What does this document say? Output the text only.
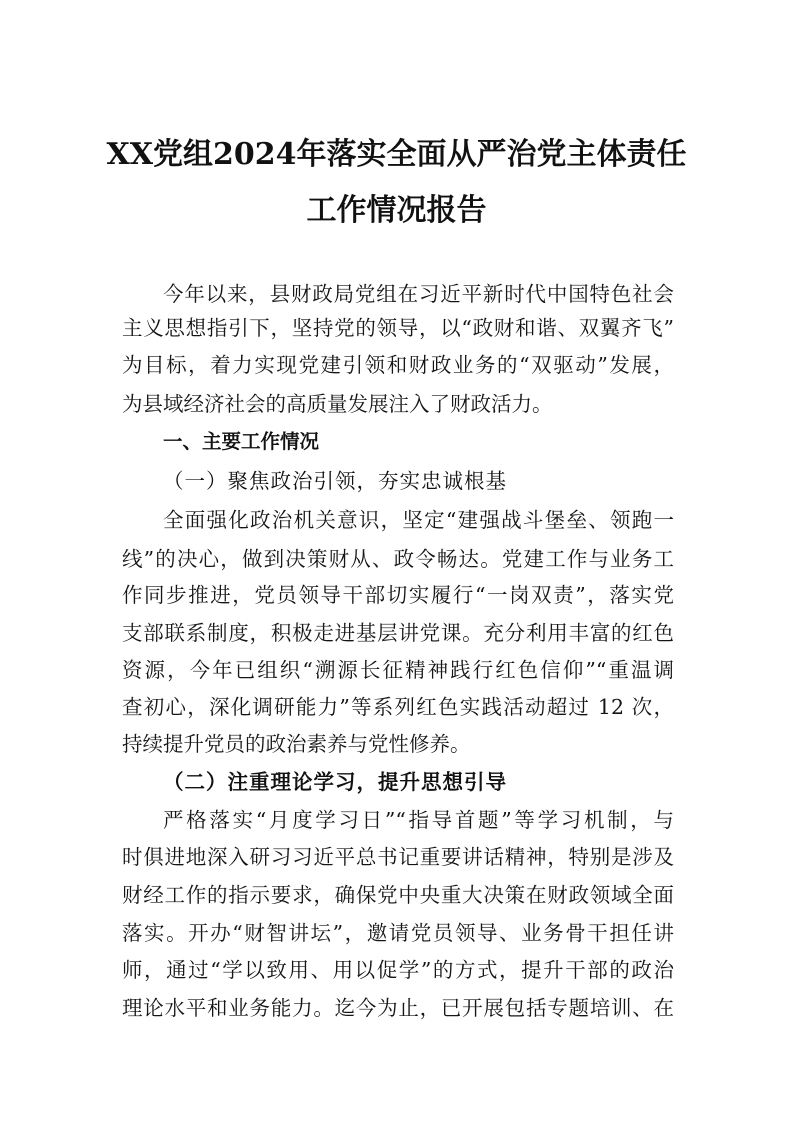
XX党组2024年落实全面从严治党主体责任
工作情况报告
今年以来，县财政局党组在习近平新时代中国特色社会
主义思想指引下，坚持党的领导，以“政财和谐、双翼齐飞”
为目标，着力实现党建引领和财政业务的“双驱动”发展，
为县域经济社会的高质量发展注入了财政活力。
一、主要工作情况
（一）聚焦政治引领，夯实忠诚根基
全面强化政治机关意识，坚定“建强战斗堡垒、领跑一
线”的决心，做到决策财从、政令畅达。党建工作与业务工
作同步推进，党员领导干部切实履行“一岗双责”，落实党
支部联系制度，积极走进基层讲党课。充分利用丰富的红色
资源，今年已组织“溯源长征精神践行红色信仰”“重温调
查初心，深化调研能力”等系列红色实践活动超过 12 次，
持续提升党员的政治素养与党性修养。
（二）注重理论学习，提升思想引导
严格落实“月度学习日”“指导首题”等学习机制，与
时俱进地深入研习习近平总书记重要讲话精神，特别是涉及
财经工作的指示要求，确保党中央重大决策在财政领域全面
落实。开办“财智讲坛”，邀请党员领导、业务骨干担任讲
师，通过“学以致用、用以促学”的方式，提升干部的政治
理论水平和业务能力。迄今为止，已开展包括专题培训、在
